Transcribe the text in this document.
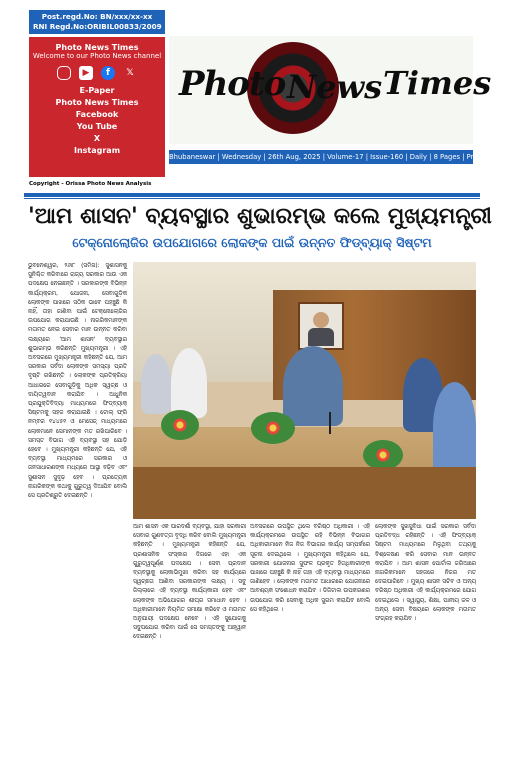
Post.regd.No: BN/xxx/xx-xx
RNI Regd.No:ORIBIL00833/2009
Photo News Times
Welcome to our Photo News channel
▶	f	𝕏
E-Paper
Photo News Times
Facebook
You Tube
X
Instagram
Copyright - Orissa Photo News Analysis
Photo News Times
Bhubaneswar | Wednesday | 26th Aug, 2025 | Volume-17 | Issue-160 | Daily | 8 Pages | Price:Rs.5/-
'ଆମ ଶାସନ' ବ୍ୟବସ୍ଥାର ଶୁଭାରମ୍ଭ କଲେ ମୁଖ୍ୟମନ୍ତ୍ରୀ
ଟେକ୍ନୋଲୋଜିର ଉପଯୋଗରେ ଲୋକଙ୍କ ପାଇଁ ଉନ୍ନତ ଫିଡ୍‌ବ୍ୟାକ୍ ସିଷ୍ଟମ

ଭୁବନେଶ୍ୱର, ୨୬ା୮ (ସମିସ): ସୁଶାସନକୁ ସୁନିଶ୍ଚିତ କରିବାରେ ରାଜ୍ୟ ସରକାର ଆଉ ଏକ ପଦକ୍ଷେପ ନେଇଛନ୍ତି । ସରକାରଙ୍କ ବିଭିନ୍ନ କାର୍ଯ୍ୟକ୍ରମ, ଯୋଜନା, ସେବାଗୁଡ଼ିକ ଲୋକଙ୍କ ପାଖରେ ସଠିକ ଭାବେ ପହଞ୍ଚୁଛି କି ନାହିଁ, ତାହା ଜାଣିବା ପାଇଁ ଟେକ୍ନୋଲୋଜିର ଉପଯୋଗ କରାଯାଉଛି । ନାଗରିକମାନଙ୍କ ମତାମତ ନେଇ ସେବାର ମାନ ଉନ୍ନତ କରିବା ଲକ୍ଷ୍ୟରେ 'ଆମ ଶାସନ' ବ୍ୟବସ୍ଥାର ଶୁଭାରମ୍ଭ କରିଛନ୍ତି ମୁଖ୍ୟମନ୍ତ୍ରୀ । ଏହି ଅବସରରେ ମୁଖ୍ୟମନ୍ତ୍ରୀ କହିଛନ୍ତି ଯେ, ଆମ ସରକାର ସର୍ବଦା ଲୋକଙ୍କ ସମସ୍ୟା ପ୍ରତି ଦୃଷ୍ଟି ରଖିଛନ୍ତି । ଲୋକଙ୍କ ପ୍ରତିକ୍ରିୟା ଆଧାରରେ ସେବାଗୁଡ଼ିକୁ ଅଧିକ ସ୍ୱଚ୍ଛ ଓ ଦାୟିତ୍ୱବାନ କରାଯିବ । ଆଧୁନିକ ପ୍ରଯୁକ୍ତିବିଦ୍ୟା ମାଧ୍ୟମରେ ଫିଡ୍‌ବ୍ୟାକ୍ ସିଷ୍ଟମକୁ ସହଜ କରାଯାଇଛି । ଟୋଲ୍ ଫ୍ରି ନମ୍ବର ୧୪୪୫୧ ଓ ମେସେଜ୍ ମାଧ୍ୟମରେ ଲୋକମାନେ ସେମାନଙ୍କ ମତ ରଖିପାରିବେ । ସମସ୍ତ ବିଭାଗ ଏହି ବ୍ୟବସ୍ଥା ସହ ଯୋଡ଼ି ହେବେ । ମୁଖ୍ୟମନ୍ତ୍ରୀ କହିଛନ୍ତି ଯେ, ଏହି ବ୍ୟବସ୍ଥା ମାଧ୍ୟମରେ ସରକାର ଓ ଜନସାଧାରଣଙ୍କ ମଧ୍ୟରେ ଆସ୍ଥା ବଢ଼ିବ ଏବଂ ସୁଶାସନ ସୁଦୃଢ଼ ହେବ । ପ୍ରତ୍ୟେକ ନାଗରିକଙ୍କ କଥାକୁ ଗୁରୁତ୍ୱ ଦିଆଯିବ ବୋଲି ସେ ପ୍ରତିଶ୍ରୁତି ଦେଇଛନ୍ତି ।

ଆମ ଶାସନ ଏକ ପାରଦର୍ଶୀ ବ୍ୟବସ୍ଥା, ଯାହା ସରକାରୀ ସେବାର ଗୁଣବତ୍ତା ବୃଦ୍ଧି କରିବ ବୋଲି ମୁଖ୍ୟମନ୍ତ୍ରୀ କହିଛନ୍ତି । ମୁଖ୍ୟମନ୍ତ୍ରୀ କହିଛନ୍ତି ଯେ, ପ୍ରଶାସନିକ ସଂସ୍କାର ଦିଗରେ ଏହା ଏକ ଗୁରୁତ୍ୱପୂର୍ଣ୍ଣ ପଦକ୍ଷେପ । ସେବା ପ୍ରଦାନ ବ୍ୟବସ୍ଥାକୁ ଲୋକାଭିମୁଖୀ କରିବା ସହ କାର୍ଯ୍ୟରେ ସ୍ୱଚ୍ଛତା ଆଣିବା ସରକାରଙ୍କ ଲକ୍ଷ୍ୟ । ସବୁ ଜିଲ୍ଲାରେ ଏହି ବ୍ୟବସ୍ଥା କାର୍ଯ୍ୟକାରୀ ହେବ ଏବଂ ଲୋକଙ୍କ ଅଭିଯୋଗର ଶୀଘ୍ର ସମାଧାନ ହେବ । ଅଧିକାରୀମାନେ ନିୟମିତ ସମୀକ୍ଷା କରିବେ ଓ ମତାମତ ଅନୁଯାୟୀ ପଦକ୍ଷେପ ନେବେ । ଏହି ସୁଯୋଗକୁ ସଦୁପଯୋଗ କରିବା ପାଇଁ ସେ ସମସ୍ତଙ୍କୁ ଆହ୍ୱାନ ଦେଇଛନ୍ତି ।

ଅବସରରେ ଉପସ୍ଥିତ ଥିଲେ ବରିଷ୍ଠ ଅଧିକାରୀ । ଏହି କାର୍ଯ୍ୟକ୍ରମରେ ଉପସ୍ଥିତ ରହି ବିଭିନ୍ନ ବିଭାଗର ଅଧିକାରୀମାନେ ନିଜ ନିଜ ବିଭାଗର କାର୍ଯ୍ୟ ସମ୍ପର୍କରେ ସୂଚନା ଦେଇଥିଲେ । ମୁଖ୍ୟମନ୍ତ୍ରୀ କହିଥିଲେ ଯେ, ସରକାରୀ ଯୋଜନାର ସୁଫଳ ପ୍ରକୃତ ହିତାଧିକାରୀଙ୍କ ପାଖରେ ପହଞ୍ଚୁଛି କି ନାହିଁ ତାହା ଏହି ବ୍ୟବସ୍ଥା ମାଧ୍ୟମରେ ଜାଣିହେବ । ଲୋକଙ୍କ ମତାମତ ଆଧାରରେ ଯୋଜନାରେ ଆବଶ୍ୟକ ସଂଶୋଧନ କରାଯିବ । ଡିଜିଟାଲ ଉପକରଣର ଉପଯୋଗ କରି ସେବାକୁ ଅଧିକ ସୁଗମ କରାଯିବ ବୋଲି ସେ କହିଥିଲେ ।

ଲୋକଙ୍କ ସୁଖସୁବିଧା ପାଇଁ ସରକାର ସର୍ବଦା ପ୍ରତିବଦ୍ଧ ରହିଛନ୍ତି । ଏହି ଫିଡ୍‌ବ୍ୟାକ୍ ସିଷ୍ଟମ ମାଧ୍ୟମରେ ମିଳୁଥିବା ତଥ୍ୟକୁ ବିଶ୍ଳେଷଣ କରି ସେବାର ମାନ ଉନ୍ନତ କରାଯିବ । ଆମ ଶାସନ ପୋର୍ଟାଲ ଜରିଆରେ ନାଗରିକମାନେ ସହଜରେ ନିଜର ମତ ଦେଇପାରିବେ । ମୁଖ୍ୟ ଶାସନ ସଚିବ ଓ ଅନ୍ୟ ବରିଷ୍ଠ ଅଧିକାରୀ ଏହି କାର୍ଯ୍ୟକ୍ରମରେ ଯୋଗ ଦେଇଥିଲେ । ସ୍ୱାସ୍ଥ୍ୟ, ଶିକ୍ଷା, ପାନୀୟ ଜଳ ଓ ଅନ୍ୟ ସେବା ବିଷୟରେ ଲୋକଙ୍କ ମତାମତ ସଂଗ୍ରହ କରାଯିବ ।
